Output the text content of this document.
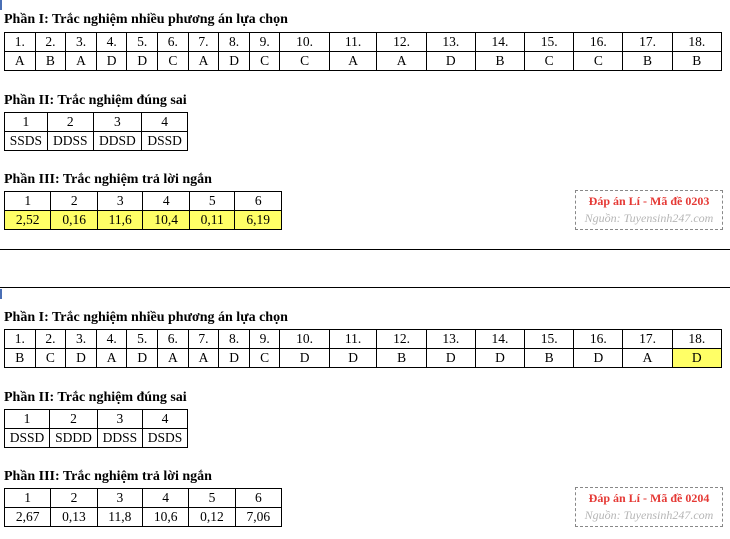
Phần I: Trắc nghiệm nhiều phương án lựa chọn
1.	2.	3.	4.	5.	6.	7.	8.	9.	10.	11.	12.	13.	14.	15.	16.	17.	18.
A	B	A	D	D	C	A	D	C	C	A	A	D	B	C	C	B	B
Phần II: Trắc nghiệm đúng sai
1	2	3	4
SSDS	DDSS	DDSD	DSSD
Phần III: Trắc nghiệm trả lời ngắn
1	2	3	4	5	6
2,52	0,16	11,6	10,4	0,11	6,19
Đáp án Lí - Mã đề 0203
Nguồn: Tuyensinh247.com
Phần I: Trắc nghiệm nhiều phương án lựa chọn
1.	2.	3.	4.	5.	6.	7.	8.	9.	10.	11.	12.	13.	14.	15.	16.	17.	18.
B	C	D	A	D	A	A	D	C	D	D	B	D	D	B	D	A	D
Phần II: Trắc nghiệm đúng sai
1	2	3	4
DSSD	SDDD	DDSS	DSDS
Phần III: Trắc nghiệm trả lời ngắn
1	2	3	4	5	6
2,67	0,13	11,8	10,6	0,12	7,06
Đáp án Lí - Mã đề 0204
Nguồn: Tuyensinh247.com
